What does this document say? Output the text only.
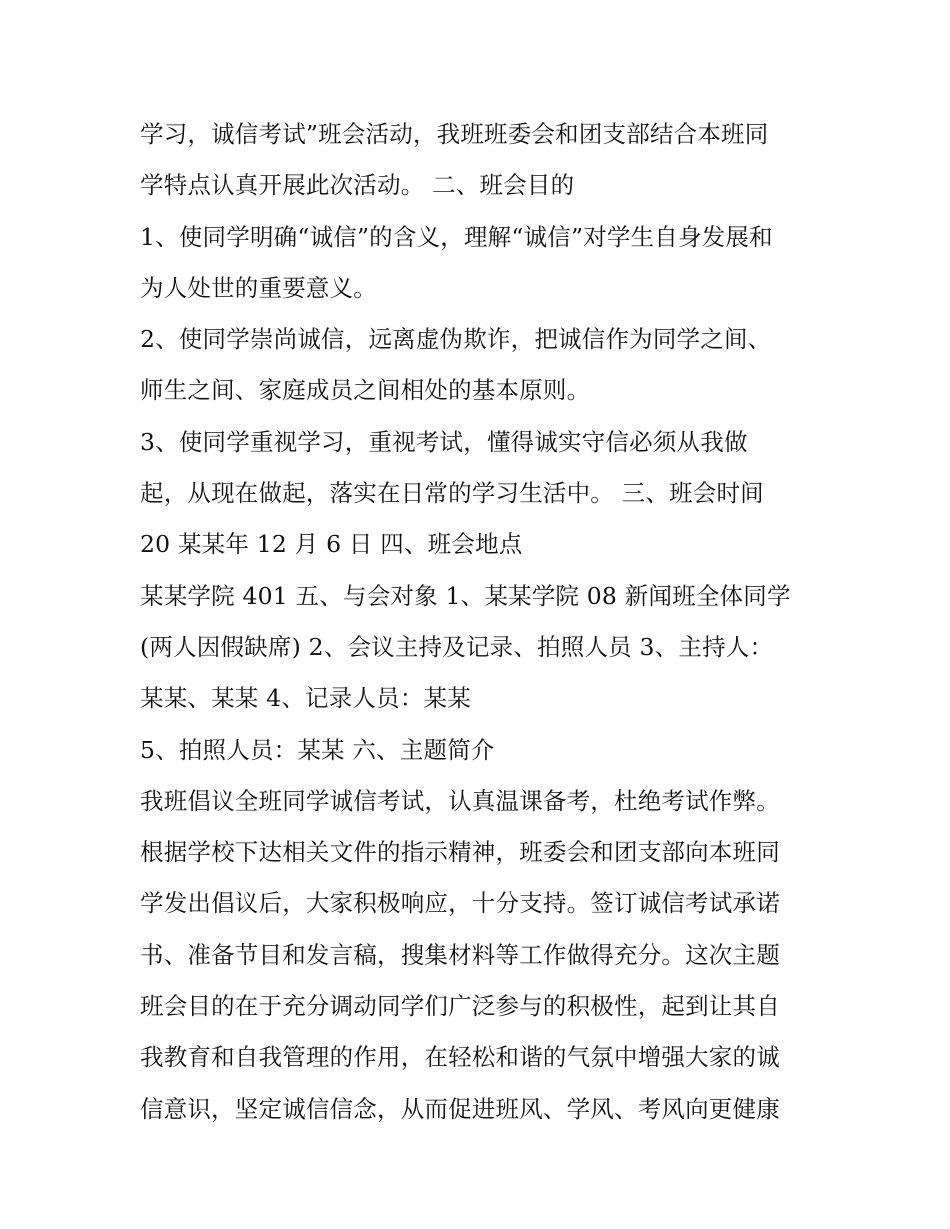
学习，诚信考试”班会活动，我班班委会和团支部结合本班同
学特点认真开展此次活动。 二、班会目的
1、使同学明确“诚信”的含义，理解“诚信”对学生自身发展和
为人处世的重要意义。
2、使同学崇尚诚信，远离虚伪欺诈，把诚信作为同学之间、
师生之间、家庭成员之间相处的基本原则。
3、使同学重视学习，重视考试，懂得诚实守信必须从我做
起，从现在做起，落实在日常的学习生活中。 三、班会时间
20 某某年 12 月 6 日 四、班会地点
某某学院 401 五、与会对象 1、某某学院 08 新闻班全体同学
(两人因假缺席) 2、会议主持及记录、拍照人员 3、主持人：
某某、某某 4、记录人员：某某
5、拍照人员：某某 六、主题简介
我班倡议全班同学诚信考试，认真温课备考，杜绝考试作弊。
根据学校下达相关文件的指示精神，班委会和团支部向本班同
学发出倡议后，大家积极响应，十分支持。签订诚信考试承诺
书、准备节目和发言稿，搜集材料等工作做得充分。这次主题
班会目的在于充分调动同学们广泛参与的积极性，起到让其自
我教育和自我管理的作用，在轻松和谐的气氛中增强大家的诚
信意识，坚定诚信信念，从而促进班风、学风、考风向更健康
